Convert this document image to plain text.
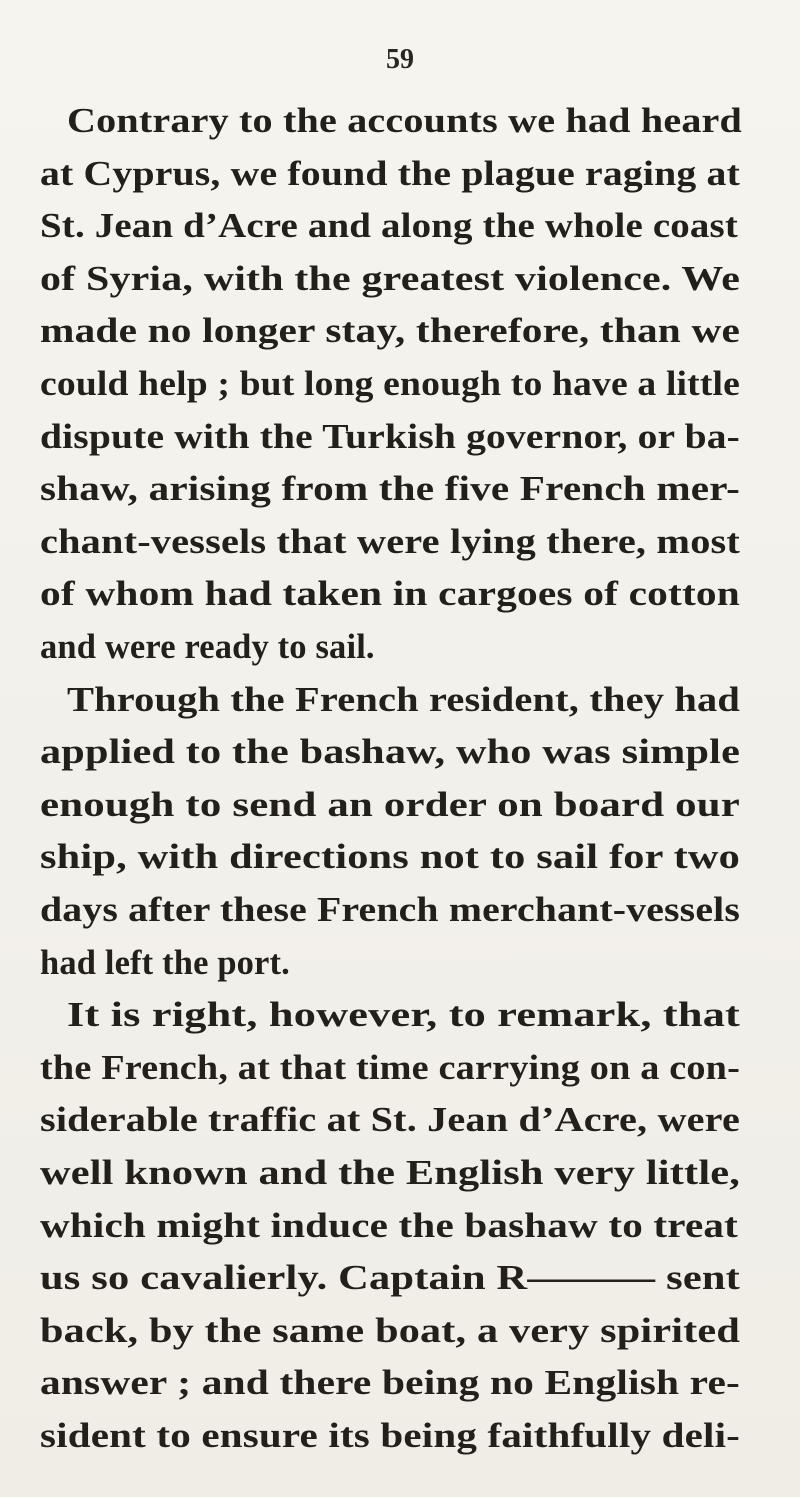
59
Contrary to the accounts we had heard
at Cyprus, we found the plague raging at
St. Jean d’Acre and along the whole coast
of Syria, with the greatest violence. We
made no longer stay, therefore, than we
could help ; but long enough to have a little
dispute with the Turkish governor, or ba-
shaw, arising from the five French mer-
chant-vessels that were lying there, most
of whom had taken in cargoes of cotton
and were ready to sail.
Through the French resident, they had
applied to the bashaw, who was simple
enough to send an order on board our
ship, with directions not to sail for two
days after these French merchant-vessels
had left the port.
It is right, however, to remark, that
the French, at that time carrying on a con-
siderable traffic at St. Jean d’Acre, were
well known and the English very little,
which might induce the bashaw to treat
us so cavalierly. Captain R——— sent
back, by the same boat, a very spirited
answer ; and there being no English re-
sident to ensure its being faithfully deli-
